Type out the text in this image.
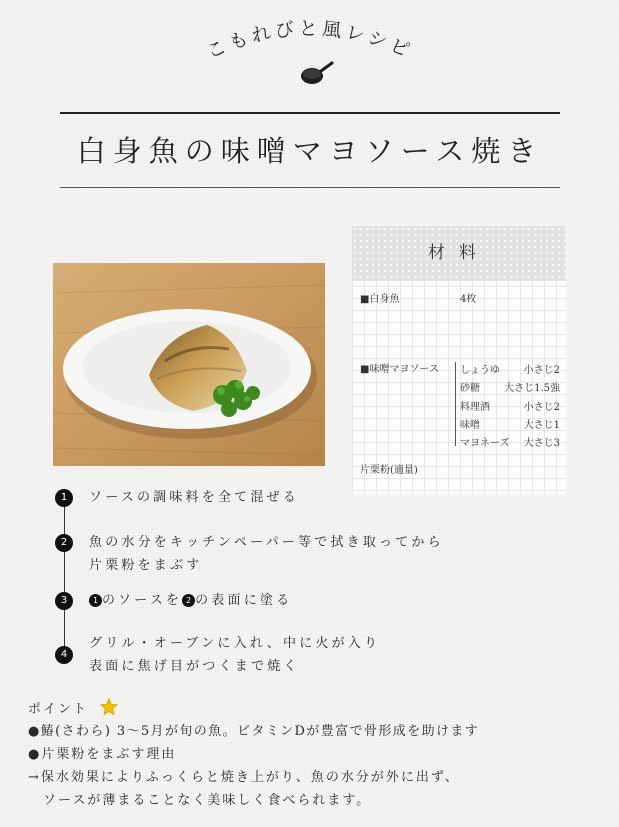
こもれびと風レシピ
白身魚の味噌マヨソース焼き
材料
■白身魚	4枚
■味噌マヨソース しょうゆ 小さじ2
砂糖 大さじ1.5強
料理酒	小さじ2
味噌	大さじ1
マヨネーズ 大さじ3
片栗粉(適量)
1	ソースの調味料を全て混ぜる
2	魚の水分をキッチンペーパー等で拭き取ってから
片栗粉をまぶす
3	1 のソースを 2 の表面に塗る
4
グリル・オーブンに入れ、中に火が入り
表面に焦げ目がつくまで焼く
ポイント
●鰆(さわら) 3〜5月が旬の魚。ビタミンDが豊富で骨形成を助けます
●片栗粉をまぶす理由
→保水効果によりふっくらと焼き上がり、魚の水分が外に出ず、
　ソースが薄まることなく美味しく食べられます。
